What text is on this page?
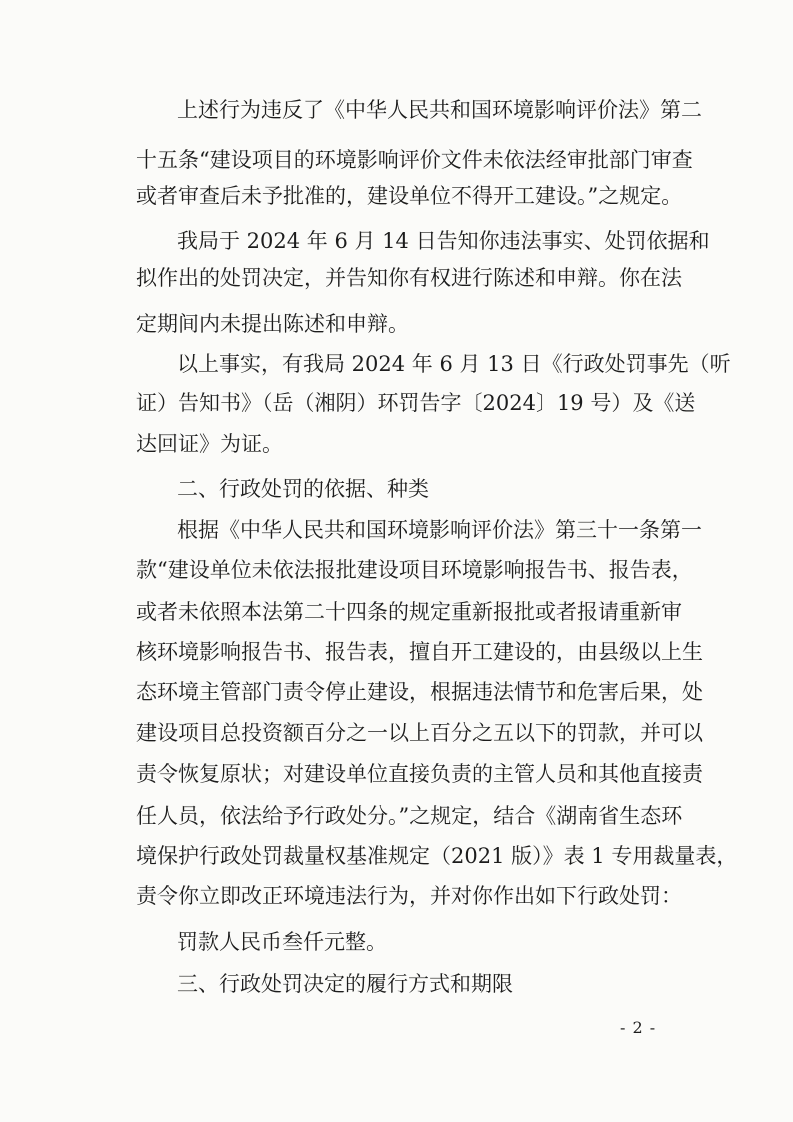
上述行为违反了《中华人民共和国环境影响评价法》第二
十五条“建设项目的环境影响评价文件未依法经审批部门审查
或者审查后未予批准的，建设单位不得开工建设。”之规定。
我局于 2024 年 6 月 14 日告知你违法事实、处罚依据和
拟作出的处罚决定，并告知你有权进行陈述和申辩。你在法
定期间内未提出陈述和申辩。
以上事实，有我局 2024 年 6 月 13 日《行政处罚事先（听
证）告知书》（岳（湘阴）环罚告字〔2024〕19 号）及《送
达回证》为证。
二、行政处罚的依据、种类
根据《中华人民共和国环境影响评价法》第三十一条第一
款“建设单位未依法报批建设项目环境影响报告书、报告表，
或者未依照本法第二十四条的规定重新报批或者报请重新审
核环境影响报告书、报告表，擅自开工建设的，由县级以上生
态环境主管部门责令停止建设，根据违法情节和危害后果，处
建设项目总投资额百分之一以上百分之五以下的罚款，并可以
责令恢复原状；对建设单位直接负责的主管人员和其他直接责
任人员，依法给予行政处分。”之规定，结合《湖南省生态环
境保护行政处罚裁量权基准规定（2021 版）》表 1 专用裁量表，
责令你立即改正环境违法行为，并对你作出如下行政处罚：
罚款人民币叁仟元整。
三、行政处罚决定的履行方式和期限
- 2 -
